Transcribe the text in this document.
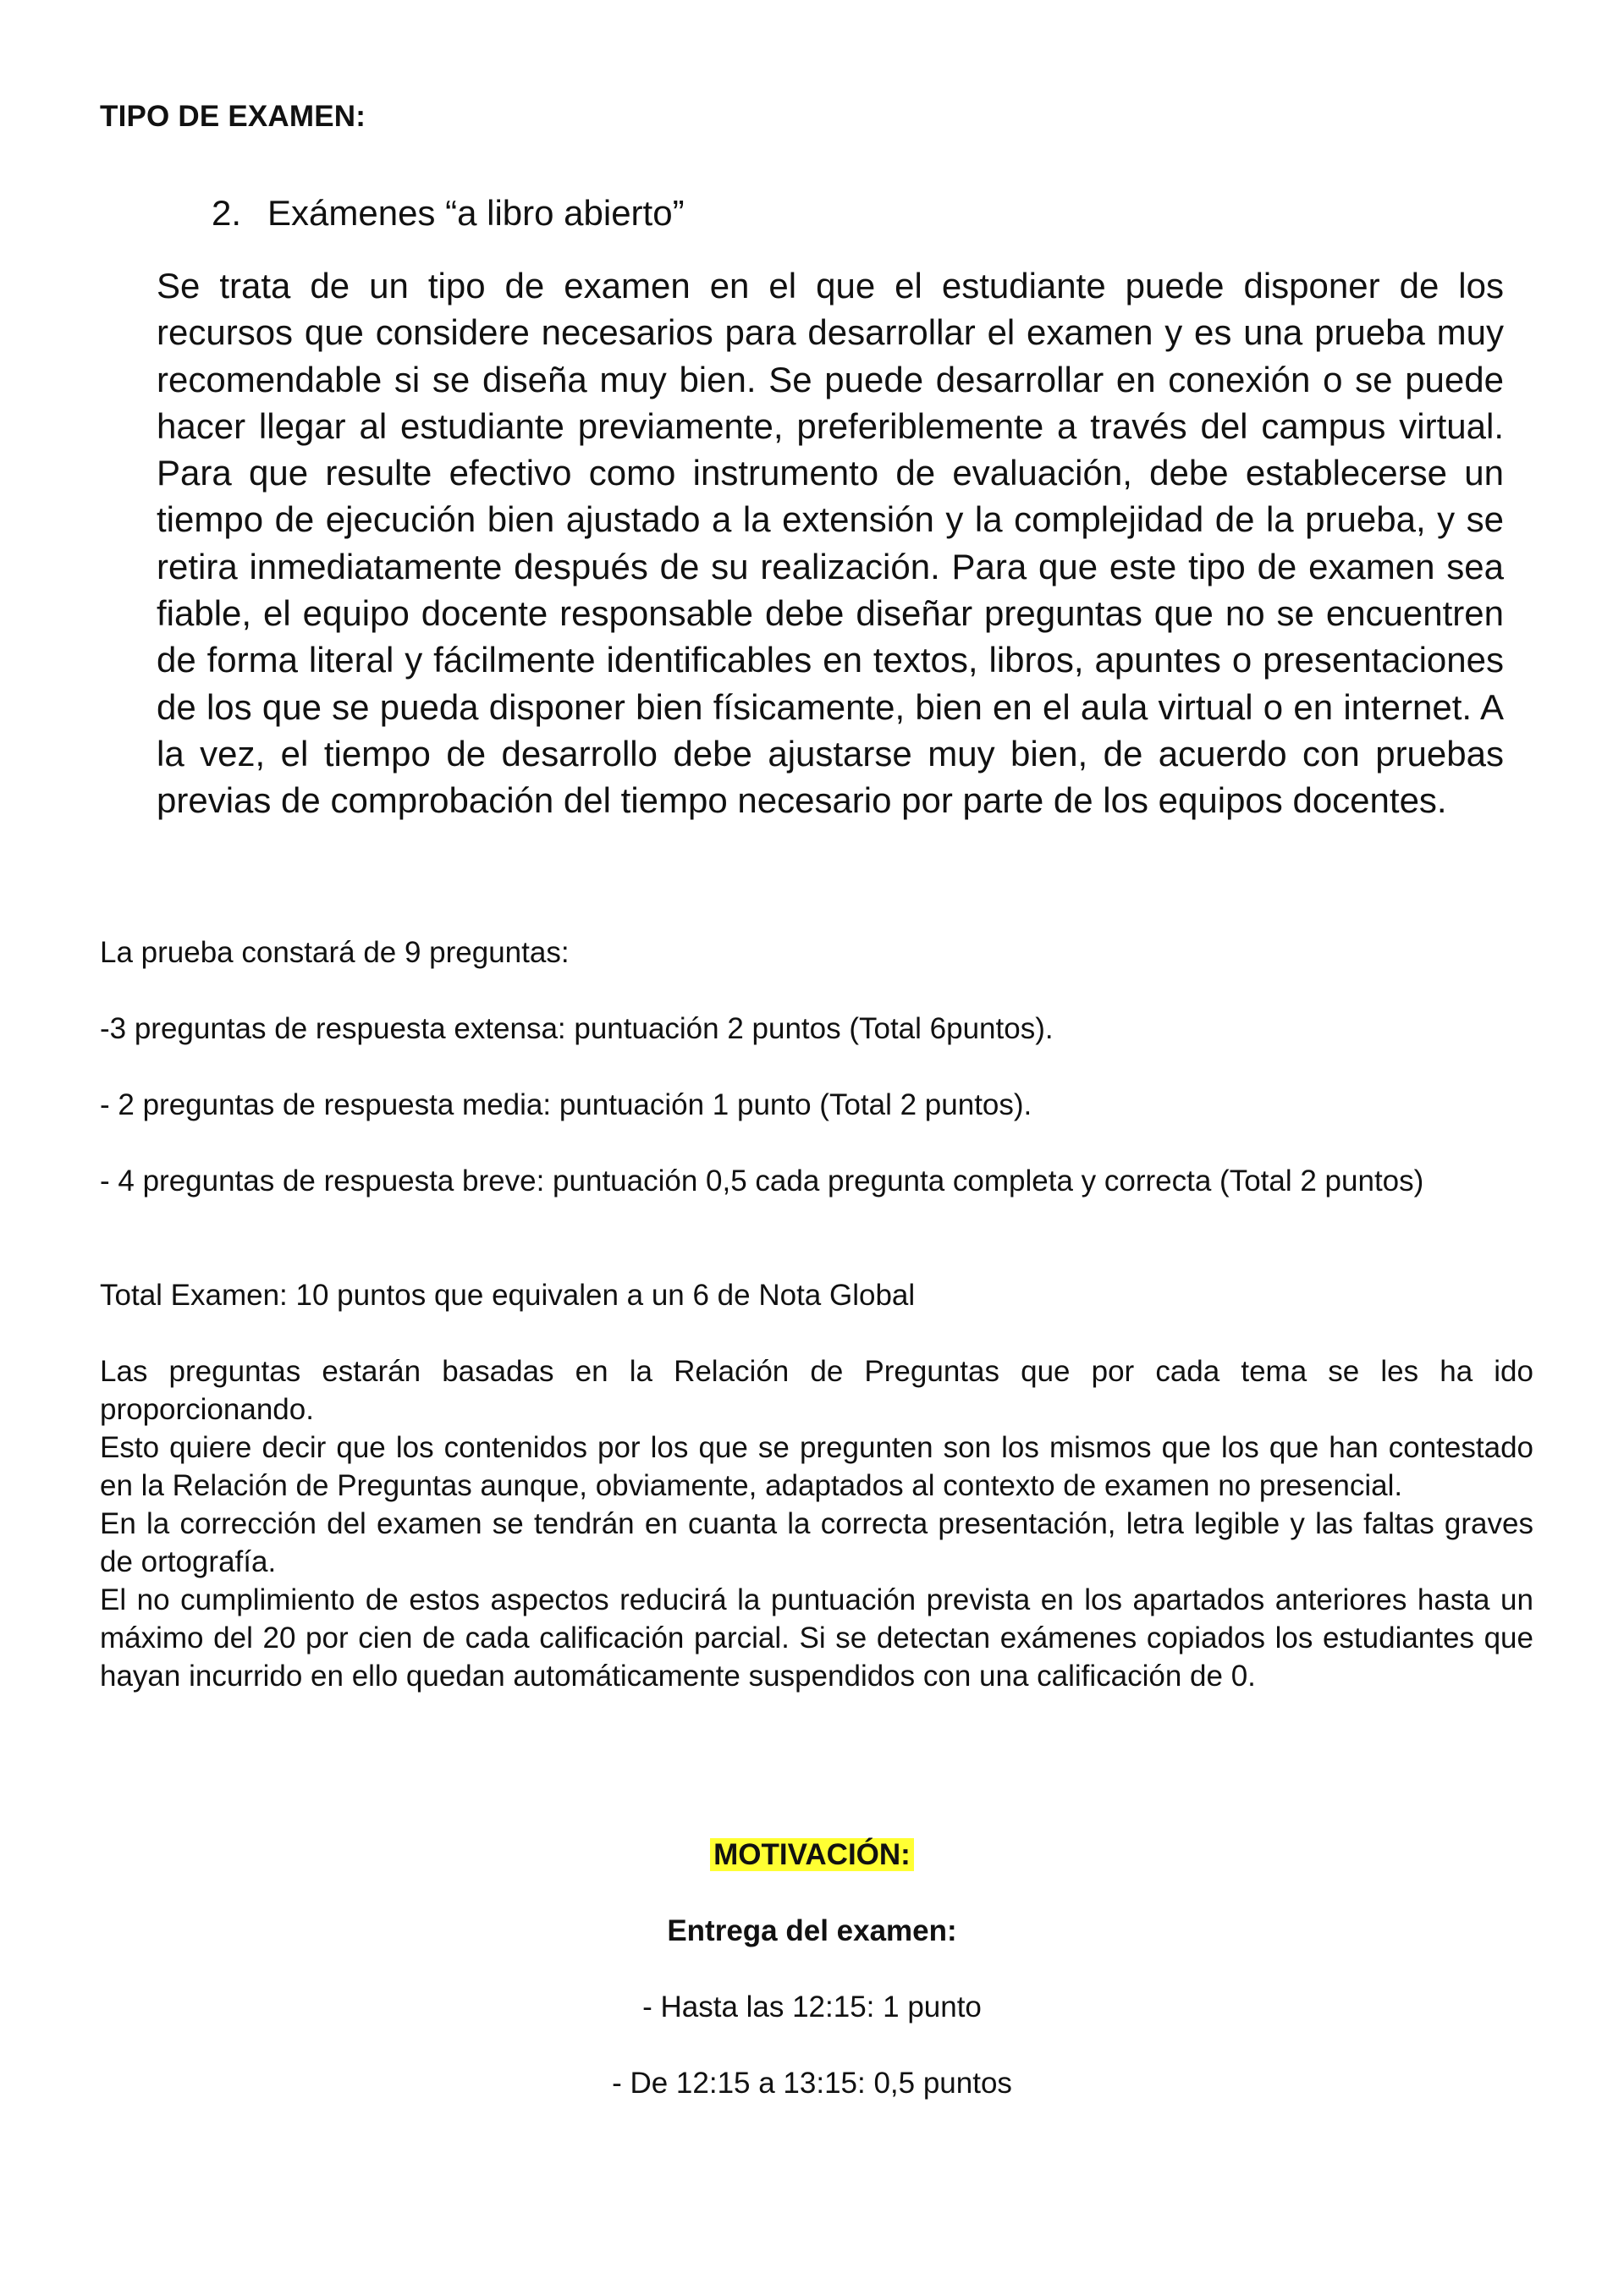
TIPO DE EXAMEN:
2. Exámenes “a libro abierto”
Se trata de un tipo de examen en el que el estudiante puede disponer de los recursos que considere necesarios para desarrollar el examen y es una prueba muy recomendable si se diseña muy bien. Se puede desarrollar en conexión o se puede hacer llegar al estudiante previamente, preferiblemente a través del campus virtual. Para que resulte efectivo como instrumento de evaluación, debe establecerse un tiempo de ejecución bien ajustado a la extensión y la complejidad de la prueba, y se retira inmediatamente después de su realización. Para que este tipo de examen sea fiable, el equipo docente responsable debe diseñar preguntas que no se encuentren de forma literal y fácilmente identificables en textos, libros, apuntes o presentaciones de los que se pueda disponer bien físicamente, bien en el aula virtual o en internet. A la vez, el tiempo de desarrollo debe ajustarse muy bien, de acuerdo con pruebas previas de comprobación del tiempo necesario por parte de los equipos docentes.
La prueba constará de 9 preguntas:
-3 preguntas de respuesta extensa: puntuación 2 puntos (Total 6puntos).
- 2 preguntas de respuesta media: puntuación 1 punto (Total 2 puntos).
- 4 preguntas de respuesta breve: puntuación 0,5 cada pregunta completa y correcta (Total 2 puntos)
Total Examen: 10 puntos que equivalen a un 6 de Nota Global

Las preguntas estarán basadas en la Relación de Preguntas que por cada tema se les ha ido proporcionando.

Esto quiere decir que los contenidos por los que se pregunten son los mismos que los que han contestado en la Relación de Preguntas aunque, obviamente, adaptados al contexto de examen no presencial.

En la corrección del examen se tendrán en cuanta la correcta presentación, letra legible y las faltas graves de ortografía.

El no cumplimiento de estos aspectos reducirá la puntuación prevista en los apartados anteriores hasta un máximo del 20 por cien de cada calificación parcial. Si se detectan exámenes copiados los estudiantes que hayan incurrido en ello quedan automáticamente suspendidos con una calificación de 0.

MOTIVACIÓN:
Entrega del examen:
- Hasta las 12:15: 1 punto
- De 12:15 a 13:15: 0,5 puntos
